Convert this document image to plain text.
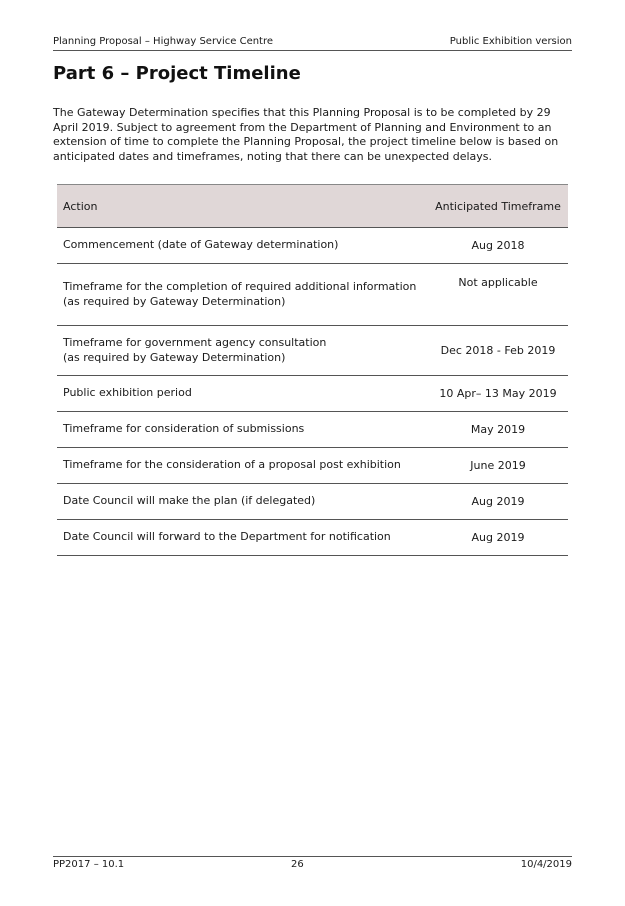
Planning Proposal – Highway Service Centre	Public Exhibition version
Part 6 – Project Timeline

The Gateway Determination specifies that this Planning Proposal is to be completed by 29 April 2019. Subject to agreement from the Department of Planning and Environment to an extension of time to complete the Planning Proposal, the project timeline below is based on anticipated dates and timeframes, noting that there can be unexpected delays.

Action	Anticipated Timeframe

Commencement (date of Gateway determination)	Aug 2018

Timeframe for the completion of required additional information
(as required by Gateway Determination)	Not applicable

Timeframe for government agency consultation
(as required by Gateway Determination)	Dec 2018 - Feb 2019

Public exhibition period	10 Apr– 13 May 2019

Timeframe for consideration of submissions	May 2019

Timeframe for the consideration of a proposal post exhibition	June 2019

Date Council will make the plan (if delegated)	Aug 2019

Date Council will forward to the Department for notification	Aug 2019
PP2017 – 10.1	26	10/4/2019
